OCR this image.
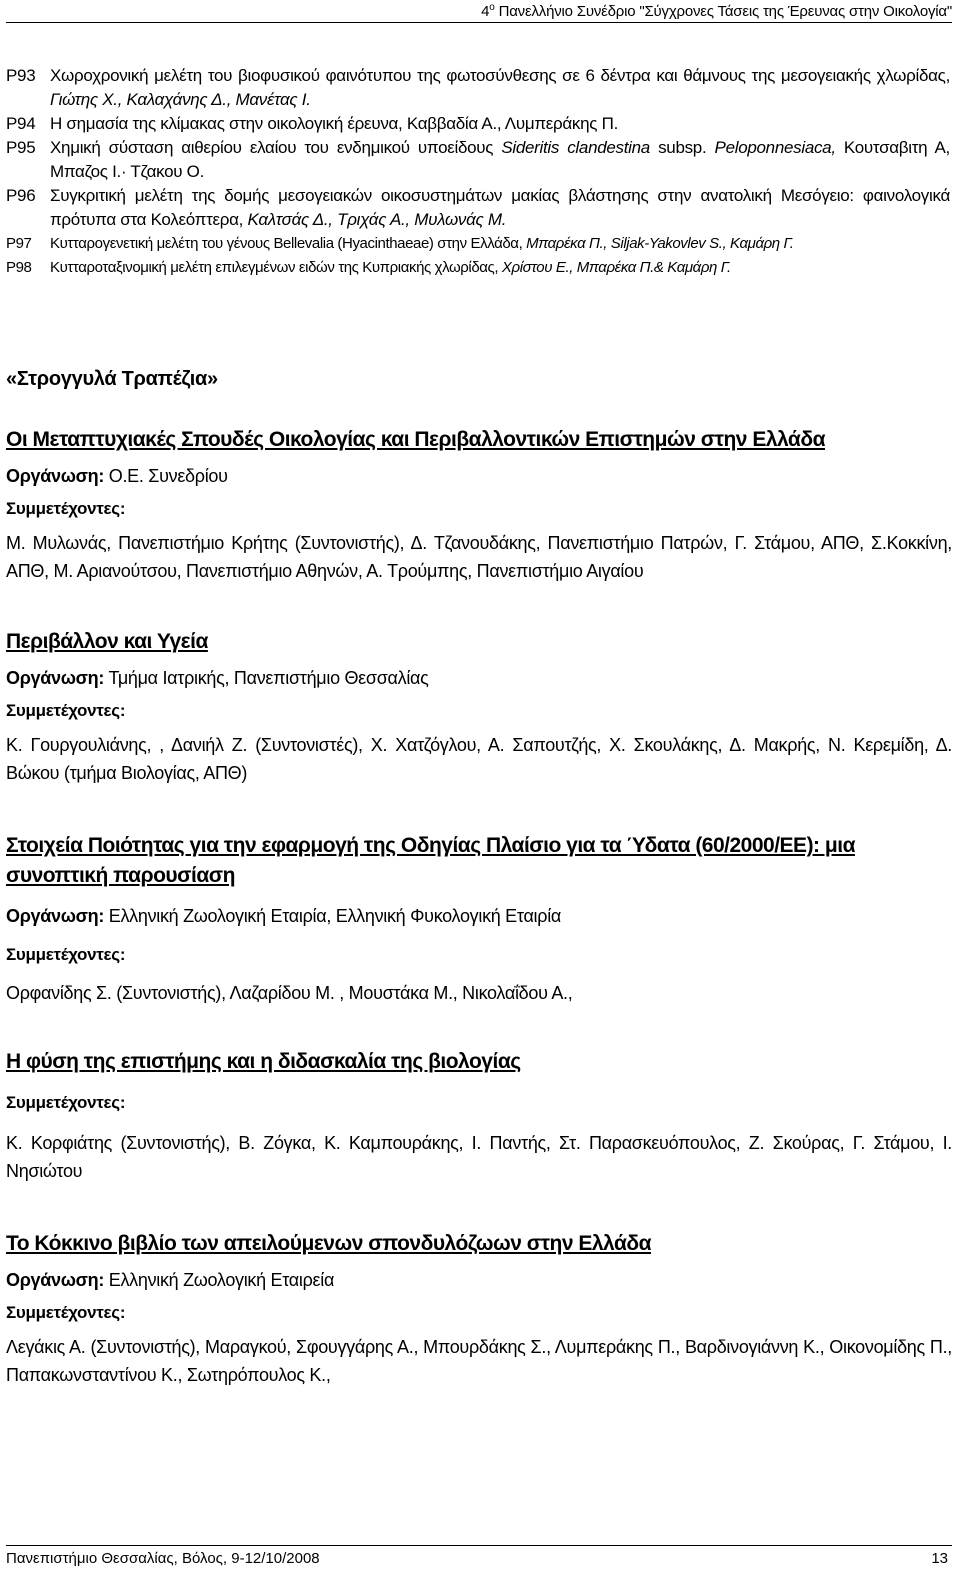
$4^o$ Πανελλήνιο Συνέδριο "Σύγχρονες Τάσεις της Έρευνας στην Οικολογία"
P93 Χωροχρονική μελέτη του βιοφυσικού φαινότυπου της φωτοσύνθεσης σε 6 δέντρα και θάμνους της μεσογειακής χλωρίδας, Γιώτης Χ., Καλαχάνης Δ., Μανέτας Ι.
P94 Η σημασία της κλίμακας στην οικολογική έρευνα, Καββαδία Α., Λυμπεράκης Π.
P95 Χημική σύσταση αιθερίου ελαίου του ενδημικού υποείδους Sideritis clandestina subsp. Peloponnesiaca, Κουτσαβιτη Α, Μπαζος Ι.· Τζακου Ο.
P96 Συγκριτική μελέτη της δομής μεσογειακών οικοσυστημάτων μακίας βλάστησης στην ανατολική Μεσόγειο: φαινολογικά πρότυπα στα Κολεόπτερα, Καλτσάς Δ., Τριχάς Α., Μυλωνάς Μ.
P97	Κυτταρογενετική μελέτη του γένους Bellevalia (Hyacinthaeae) στην Ελλάδα, Μπαρέκα Π., Siljak-Yakovlev S., Καμάρη Γ.
P98	Κυτταροταξινομική μελέτη επιλεγμένων ειδών της Κυπριακής χλωρίδας, Χρίστου Ε., Μπαρέκα Π.& Καμάρη Γ.
«Στρογγυλά Τραπέζια»
Οι Μεταπτυχιακές Σπουδές Οικολογίας και Περιβαλλοντικών Επιστημών στην Ελλάδα
Οργάνωση: Ο.Ε. Συνεδρίου
Συμμετέχοντες:
Μ. Μυλωνάς, Πανεπιστήμιο Κρήτης (Συντονιστής), Δ. Τζανουδάκης, Πανεπιστήμιο Πατρών, Γ. Στάμου, ΑΠΘ, Σ.Κοκκίνη, ΑΠΘ, Μ. Αριανούτσου, Πανεπιστήμιο Αθηνών, Α. Τρούμπης, Πανεπιστήμιο Αιγαίου
Περιβάλλον και Υγεία
Οργάνωση: Τμήμα Ιατρικής, Πανεπιστήμιο Θεσσαλίας
Συμμετέχοντες:
Κ. Γουργουλιάνης, , Δανιήλ Ζ. (Συντονιστές), Χ. Χατζόγλου, Α. Σαπουτζής, Χ. Σκουλάκης, Δ. Μακρής, Ν. Κερεμίδη, Δ. Βώκου (τμήμα Βιολογίας, ΑΠΘ)
Στοιχεία Ποιότητας για την εφαρμογή της Οδηγίας Πλαίσιο για τα Ύδατα (60/2000/ΕΕ): μια συνοπτική παρουσίαση
Οργάνωση: Ελληνική Ζωολογική Εταιρία, Ελληνική Φυκολογική Εταιρία
Συμμετέχοντες:
Ορφανίδης Σ. (Συντονιστής), Λαζαρίδου Μ. , Μουστάκα Μ., Νικολαΐδου Α.,
Η φύση της επιστήμης και η διδασκαλία της βιολογίας
Συμμετέχοντες:
Κ. Κορφιάτης (Συντονιστής), Β. Ζόγκα, Κ. Καμπουράκης, Ι. Παντής, Στ. Παρασκευόπουλος, Ζ. Σκούρας, Γ. Στάμου, Ι. Νησιώτου
Το Κόκκινο βιβλίο των απειλούμενων σπονδυλόζωων στην Ελλάδα
Οργάνωση: Ελληνική Ζωολογική Εταιρεία
Συμμετέχοντες:
Λεγάκις Α. (Συντονιστής), Μαραγκού, Σφουγγάρης Α., Μπουρδάκης Σ., Λυμπεράκης Π., Βαρδινογιάννη Κ., Οικονομίδης Π., Παπακωνσταντίνου Κ., Σωτηρόπουλος Κ.,
Πανεπιστήμιο Θεσσαλίας, Βόλος, 9-12/10/2008	13
